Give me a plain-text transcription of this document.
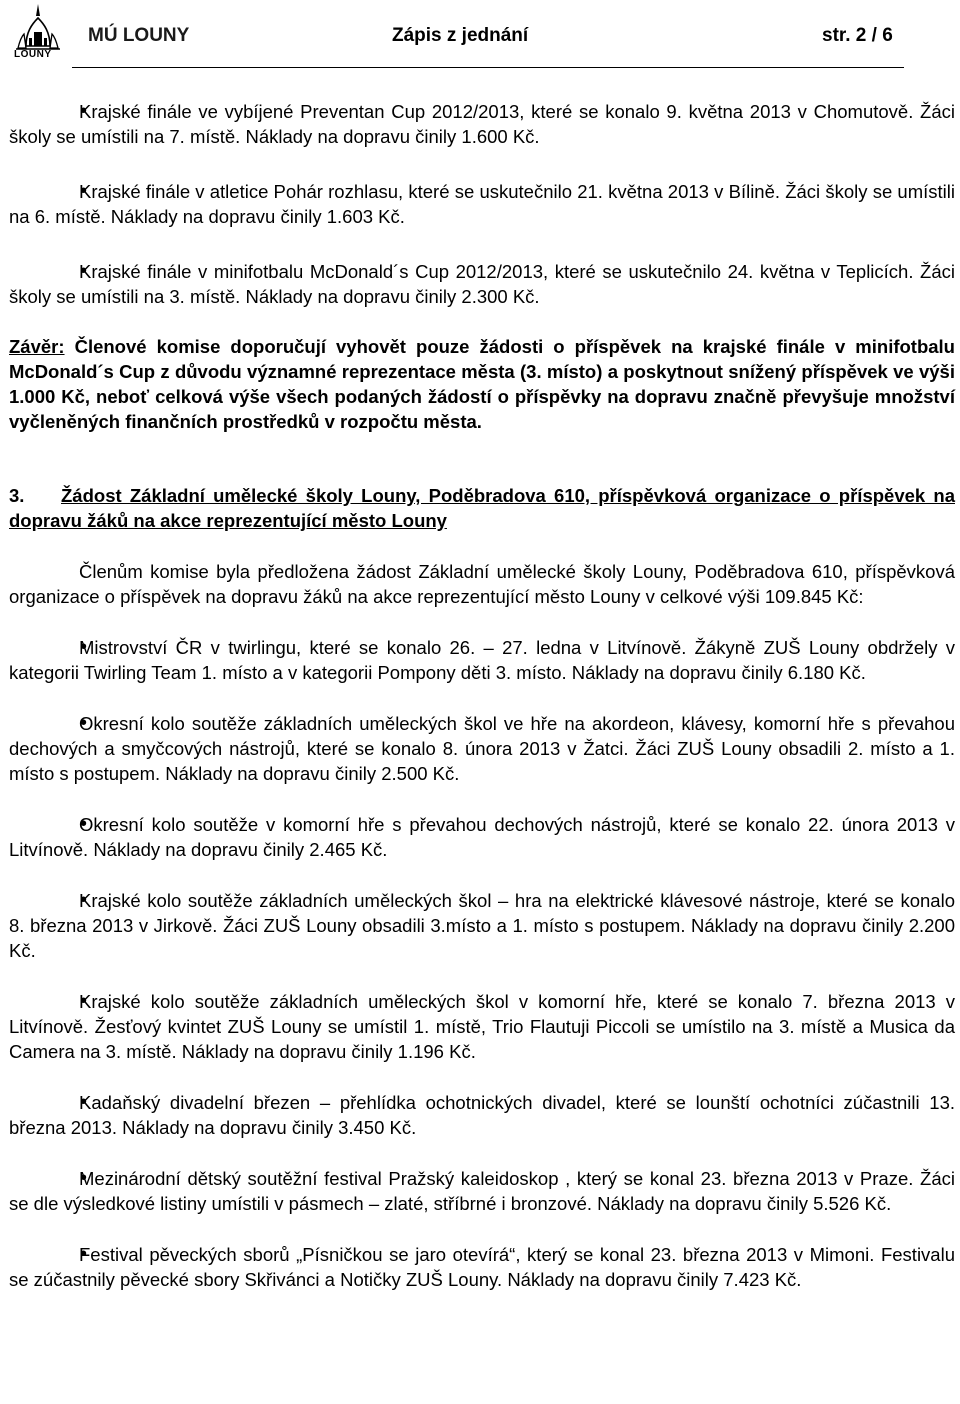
LOUNY
MÚ LOUNY	Zápis z jednání	str. 2 / 6

• Krajské finále ve vybíjené Preventan Cup 2012/2013, které se konalo 9. května 2013 v Chomutově. Žáci školy se umístili na 7. místě. Náklady na dopravu činily 1.600 Kč.

• Krajské finále v atletice Pohár rozhlasu, které se uskutečnilo 21. května 2013 v Bílině. Žáci školy se umístili na 6. místě. Náklady na dopravu činily 1.603 Kč.

• Krajské finále v minifotbalu McDonald´s Cup 2012/2013, které se uskutečnilo 24. května v Teplicích. Žáci školy se umístili na 3. místě. Náklady na dopravu činily 2.300 Kč.

Závěr: Členové komise doporučují vyhovět pouze žádosti o příspěvek na krajské finále v minifotbalu McDonald´s Cup z důvodu významné reprezentace města (3. místo) a poskytnout snížený příspěvek ve výši 1.000 Kč, neboť celková výše všech podaných žádostí o příspěvky na dopravu značně převyšuje množství vyčleněných finančních prostředků v rozpočtu města.

3. Žádost Základní umělecké školy Louny, Poděbradova 610, příspěvková organizace o příspěvek na dopravu žáků na akce reprezentující město Louny

Členům komise byla předložena žádost Základní umělecké školy Louny, Poděbradova 610, příspěvková organizace o příspěvek na dopravu žáků na akce reprezentující město Louny v celkové výši 109.845 Kč:

• Mistrovství ČR v twirlingu, které se konalo 26. – 27. ledna v Litvínově. Žákyně ZUŠ Louny obdržely v kategorii Twirling Team 1. místo a v kategorii Pompony děti 3. místo. Náklady na dopravu činily 6.180 Kč.

• Okresní kolo soutěže základních uměleckých škol ve hře na akordeon, klávesy, komorní hře s převahou dechových a smyčcových nástrojů, které se konalo 8. února 2013 v Žatci. Žáci ZUŠ Louny obsadili 2. místo a 1. místo s postupem. Náklady na dopravu činily 2.500 Kč.

• Okresní kolo soutěže v komorní hře s převahou dechových nástrojů, které se konalo 22. února 2013 v Litvínově. Náklady na dopravu činily 2.465 Kč.

• Krajské kolo soutěže základních uměleckých škol – hra na elektrické klávesové nástroje, které se konalo 8. března 2013 v Jirkově. Žáci ZUŠ Louny obsadili 3.místo a 1. místo s postupem. Náklady na dopravu činily 2.200 Kč.

• Krajské kolo soutěže základních uměleckých škol v komorní hře, které se konalo 7. března 2013 v Litvínově. Žesťový kvintet ZUŠ Louny se umístil 1. místě, Trio Flautuji Piccoli se umístilo na 3. místě a Musica da Camera na 3. místě. Náklady na dopravu činily 1.196 Kč.

• Kadaňský divadelní březen – přehlídka ochotnických divadel, které se lounští ochotníci zúčastnili 13. března 2013. Náklady na dopravu činily 3.450 Kč.

• Mezinárodní dětský soutěžní festival Pražský kaleidoskop , který se konal 23. března 2013 v Praze. Žáci se dle výsledkové listiny umístili v pásmech – zlaté, stříbrné i bronzové. Náklady na dopravu činily 5.526 Kč.

• Festival pěveckých sborů „Písničkou se jaro otevírá“, který se konal 23. března 2013 v Mimoni. Festivalu se zúčastnily pěvecké sbory Skřivánci a Notičky ZUŠ Louny. Náklady na dopravu činily 7.423 Kč.
